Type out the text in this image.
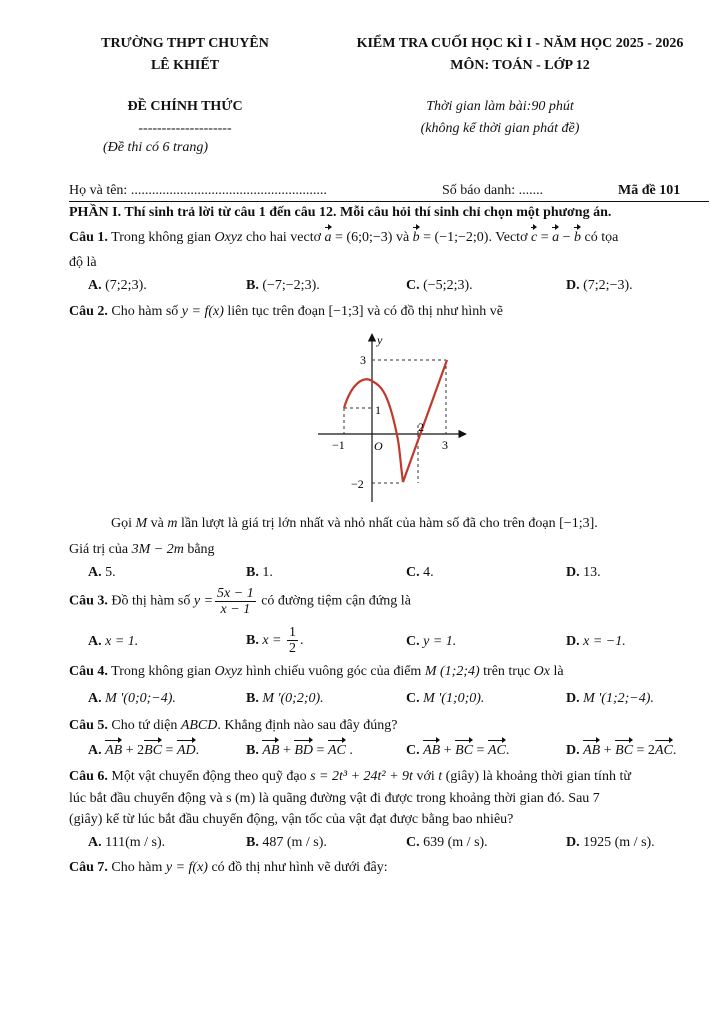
TRƯỜNG THPT CHUYÊN
LÊ KHIẾT
KIỂM TRA CUỐI HỌC KÌ I - NĂM HỌC 2025 - 2026
MÔN: TOÁN - LỚP 12
ĐỀ CHÍNH THỨC
--------------------
(Đề thi có 6 trang)
Thời gian làm bài:90 phút
(không kể thời gian phát đề)
Họ và tên: ........................................................	Số báo danh: .......	Mã đề 101
PHẦN I. Thí sinh trả lời từ câu 1 đến câu 12. Mỗi câu hỏi thí sinh chỉ chọn một phương án.
Câu 1. Trong không gian Oxyz cho hai vectơ a = (6;0;−3) và b = (−1;−2;0). Vectơ c = a − b có tọa
độ là
A. (7;2;3).	B. (−7;−2;3).	C. (−5;2;3).	D. (7;2;−3).
Câu 2. Cho hàm số y = f(x) liên tục trên đoạn [−1;3] và có đồ thị như hình vẽ
3
1
−2
−1
2
3
O
y
Gọi M và m lần lượt là giá trị lớn nhất và nhỏ nhất của hàm số đã cho trên đoạn [−1;3].
Giá trị của 3M − 2m bằng
A. 5.	B. 1.	C. 4.	D. 13.
Câu 3. Đồ thị hàm số $y = \frac{5x - 1}{x - 1}$ có đường tiệm cận đứng là
A. x = 1.	B. $x = \frac{1}{2}$ .	C. y = 1.	D. x = −1.
Câu 4. Trong không gian Oxyz hình chiếu vuông góc của điểm M (1;2;4) trên trục Ox là
A. M '(0;0;−4).	B. M '(0;2;0).	C. M '(1;0;0).	D. M '(1;2;−4).
Câu 5. Cho tứ diện ABCD. Khẳng định nào sau đây đúng?
A. AB + 2BC = AD.	B. AB + BD = AC .	C. AB + BC = AC.	D. AB + BC = 2AC.
Câu 6. Một vật chuyển động theo quỹ đạo s = 2t³ + 24t² + 9t với t (giây) là khoảng thời gian tính từ
lúc bắt đầu chuyển động và s (m) là quãng đường vật đi được trong khoảng thời gian đó. Sau 7
(giây) kể từ lúc bắt đầu chuyển động, vận tốc của vật đạt được bằng bao nhiêu?
A. 111(m / s).	B. 487 (m / s).	C. 639 (m / s).	D. 1925 (m / s).
Câu 7. Cho hàm y = f(x) có đồ thị như hình vẽ dưới đây:
